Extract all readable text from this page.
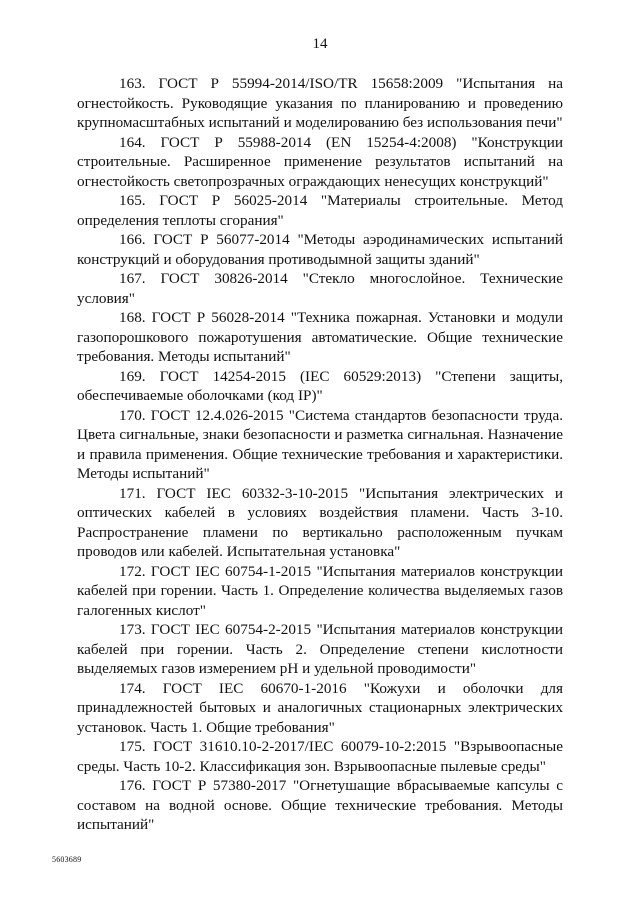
14

163. ГОСТ Р 55994-2014/ISO/TR 15658:2009 "Испытания на огнестойкость. Руководящие указания по планированию и проведению крупномасштабных испытаний и моделированию без использования печи"

164. ГОСТ Р 55988-2014 (EN 15254-4:2008) "Конструкции строительные. Расширенное применение результатов испытаний на огнестойкость светопрозрачных ограждающих ненесущих конструкций"

165. ГОСТ Р 56025-2014 "Материалы строительные. Метод определения теплоты сгорания"

166. ГОСТ Р 56077-2014 "Методы аэродинамических испытаний конструкций и оборудования противодымной защиты зданий"

167. ГОСТ 30826-2014 "Стекло многослойное. Технические условия"

168. ГОСТ Р 56028-2014 "Техника пожарная. Установки и модули газопорошкового пожаротушения автоматические. Общие технические требования. Методы испытаний"

169. ГОСТ 14254-2015 (IEC 60529:2013) "Степени защиты, обеспечиваемые оболочками (код IP)"

170. ГОСТ 12.4.026-2015 "Система стандартов безопасности труда. Цвета сигнальные, знаки безопасности и разметка сигнальная. Назначение и правила применения. Общие технические требования и характеристики. Методы испытаний"

171. ГОСТ IEC 60332-3-10-2015 "Испытания электрических и оптических кабелей в условиях воздействия пламени. Часть 3-10. Распространение пламени по вертикально расположенным пучкам проводов или кабелей. Испытательная установка"

172. ГОСТ IEC 60754-1-2015 "Испытания материалов конструкции кабелей при горении. Часть 1. Определение количества выделяемых газов галогенных кислот"

173. ГОСТ IEC 60754-2-2015 "Испытания материалов конструкции кабелей при горении. Часть 2. Определение степени кислотности выделяемых газов измерением pH и удельной проводимости"

174. ГОСТ IEC 60670-1-2016 "Кожухи и оболочки для принадлежностей бытовых и аналогичных стационарных электрических установок. Часть 1. Общие требования"

175. ГОСТ 31610.10-2-2017/IEC 60079-10-2:2015 "Взрывоопасные среды. Часть 10-2. Классификация зон. Взрывоопасные пылевые среды"

176. ГОСТ Р 57380-2017 "Огнетушащие вбрасываемые капсулы с составом на водной основе. Общие технические требования. Методы испытаний"

5603689
